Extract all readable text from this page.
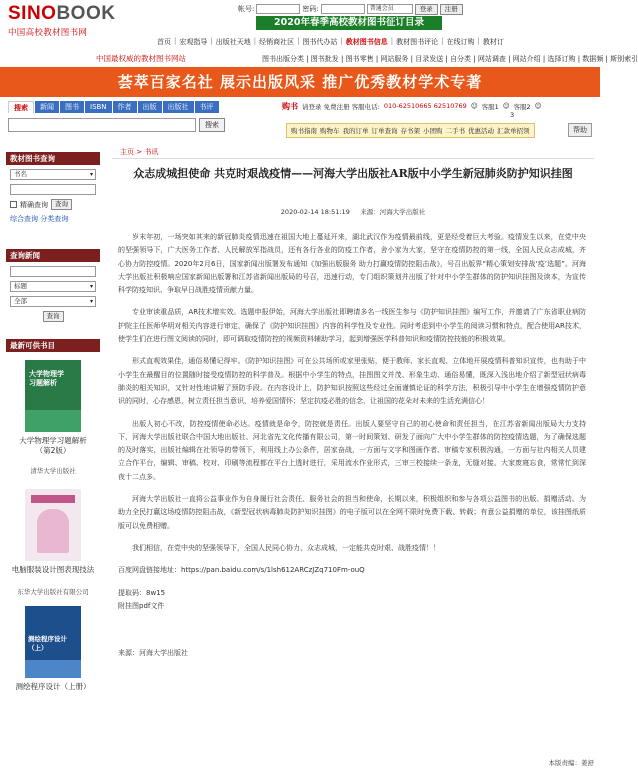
SINOBOOK
中国高校教材图书网
帐号:	密码:	普通会员	登录	注册
2020年春季高校教材图书征订目录
首页 | 宏观指导 | 出版社天地 | 经销商社区 | 图书代办站 | 教材图书信息 | 教材图书评论 | 在线订购 | 教材订
中国最权威的教材图书网站	图书出版分类 | 图书批发 | 图书零售 | 网站服务 | 目录发送 | 自分类 | 网站调查 | 网站介绍 | 选择订购 | 数据频 | 斯别索引
荟萃百家名社 展示出版风采 推广优秀教材学术专著
搜索	新闻	图书	ISBN	作者	出版	出版社	书评
搜索
购书 请登录 免费注册 客服电话: 010-62510665 62510769 ☺ 客服1 ☺ 客服2 ☺
3
购书指南 购物车 我的订单 订单查询 存书架 小团购 二手书 优惠活动 汇款单招领	帮助
教材图书查询
书名 ▾
精确查询	查询
综合查询 分类查询
查询新闻
标题 ▾
全部 ▾
查询
最新可供书目
大学物理学
习题解析
大学物理学习题解析
（第2版）
清华大学出版社
电脑服装设计图表现技法
东华大学出版社有限公司
测绘程序设计（上）
测绘程序设计（上册）
主页 > 书讯
众志成城担使命 共克时艰战疫情——河海大学出版社AR版中小学生新冠肺炎防护知识挂图
2020-02-14 18:51:19 来源：河海大学出版社

岁末年初，一场突如其来的新冠肺炎疫情迅速在祖国大地上蔓延开来，湖北武汉作为疫情最前线，更是经受着巨大考验。疫情发生以来，在党中央的坚强领导下，广大医务工作者、人民解放军指战员，还有各行各业的防疫工作者，舍小家为大家，坚守在疫情防控的第一线，全国人民众志成城，齐心协力防控疫情。2020年2月6日，国家新闻出版署发布通知《加强出版服务 助力打赢疫情防控阻击战》，号召出版界“精心策划安排战‘疫’选题”。河海大学出版社积极响应国家新闻出版署和江苏省新闻出版局的号召，迅速行动，专门组织策划并出版了针对中小学生群体的防护知识挂图及读本，为宣传科学防疫知识、争取早日战胜疫情贡献力量。

专业审读重品质，AR技术增实效。选题申报伊始，河海大学出版社即聘请多名一线医生参与《防护知识挂图》编写工作，并邀请了广东省职业病防护院主任医师华明对相关内容进行审定，确保了《防护知识挂图》内容的科学性及专业性。同时考虑到中小学生的阅读习惯和特点，配合使用AR技术，使学生们在进行图文阅读的同时，即可调取疫情防控的视频资料辅助学习，起到增强医学科普知识和疫情防控技能的积极效果。

形式直观效果佳，通俗易懂记得牢。《防护知识挂图》可在公共场所或家里张贴，便于教师、家长直观、立体地开展疫情科普知识宣传，也有助于中小学生在最醒目的位置随时接受疫情防控的科学普及。根据中小学生的特点，挂图图文并茂、形象生动、通俗易懂，既深入浅出地介绍了新型冠状病毒肺炎的相关知识，又针对性地讲解了预防手段。在内容设计上，防护知识按照这些经过全面谨慎论证的科学方法，积极引导中小学生在增强疫情防护意识的同时，心存感恩，树立责任担当意识，培养爱国情怀；坚定抗疫必胜的信念，让祖国的花朵对未来的生活充满信心！

出版人初心不改，防控疫情使命必达。疫情就是命令，防控就是责任。出版人要坚守自己的初心使命和责任担当，在江苏省新闻出版局大力支持下，河海大学出版社联合中国大地出版社、河北省先文化传播有限公司，第一时间策划、研发了面向广大中小学生群体的防控疫情选题，为了确保选题的及时落实，出版社编辑在社领导的带领下，利用线上办公条件，居家奋战，一方面与文字和图画作者、审稿专家积极沟通，一方面与社内相关人员建立合作平台，编辑、审稿、校对、印刷等流程都在平台上透时进行，采用流水作业形式，三审三校接续一条龙，无缝对接。大家废寝忘食，常常忙到深夜十二点多。

河海大学出版社一直将公益事业作为自身履行社会责任、服务社会的担当和使命，长期以来，积极组织和参与各项公益图书的出版、捐赠活动。为助力全民打赢这场疫情防控阻击战，《新型冠状病毒肺炎防护知识挂图》的电子版可以在全网不限时免费下载、转载；有意公益捐赠的单位，该挂图纸质版可以免费相赠。

我们相信，在党中央的坚强领导下，全国人民同心协力、众志成城，一定能共克时艰、战胜疫情！！

百度网盘链接地址：https://pan.baidu.com/s/1lsh612ARCzJZq710Fm-ouQ

提取码：8w15

附挂图pdf文件

来源：河海大学出版社

本版责编：姜舒
